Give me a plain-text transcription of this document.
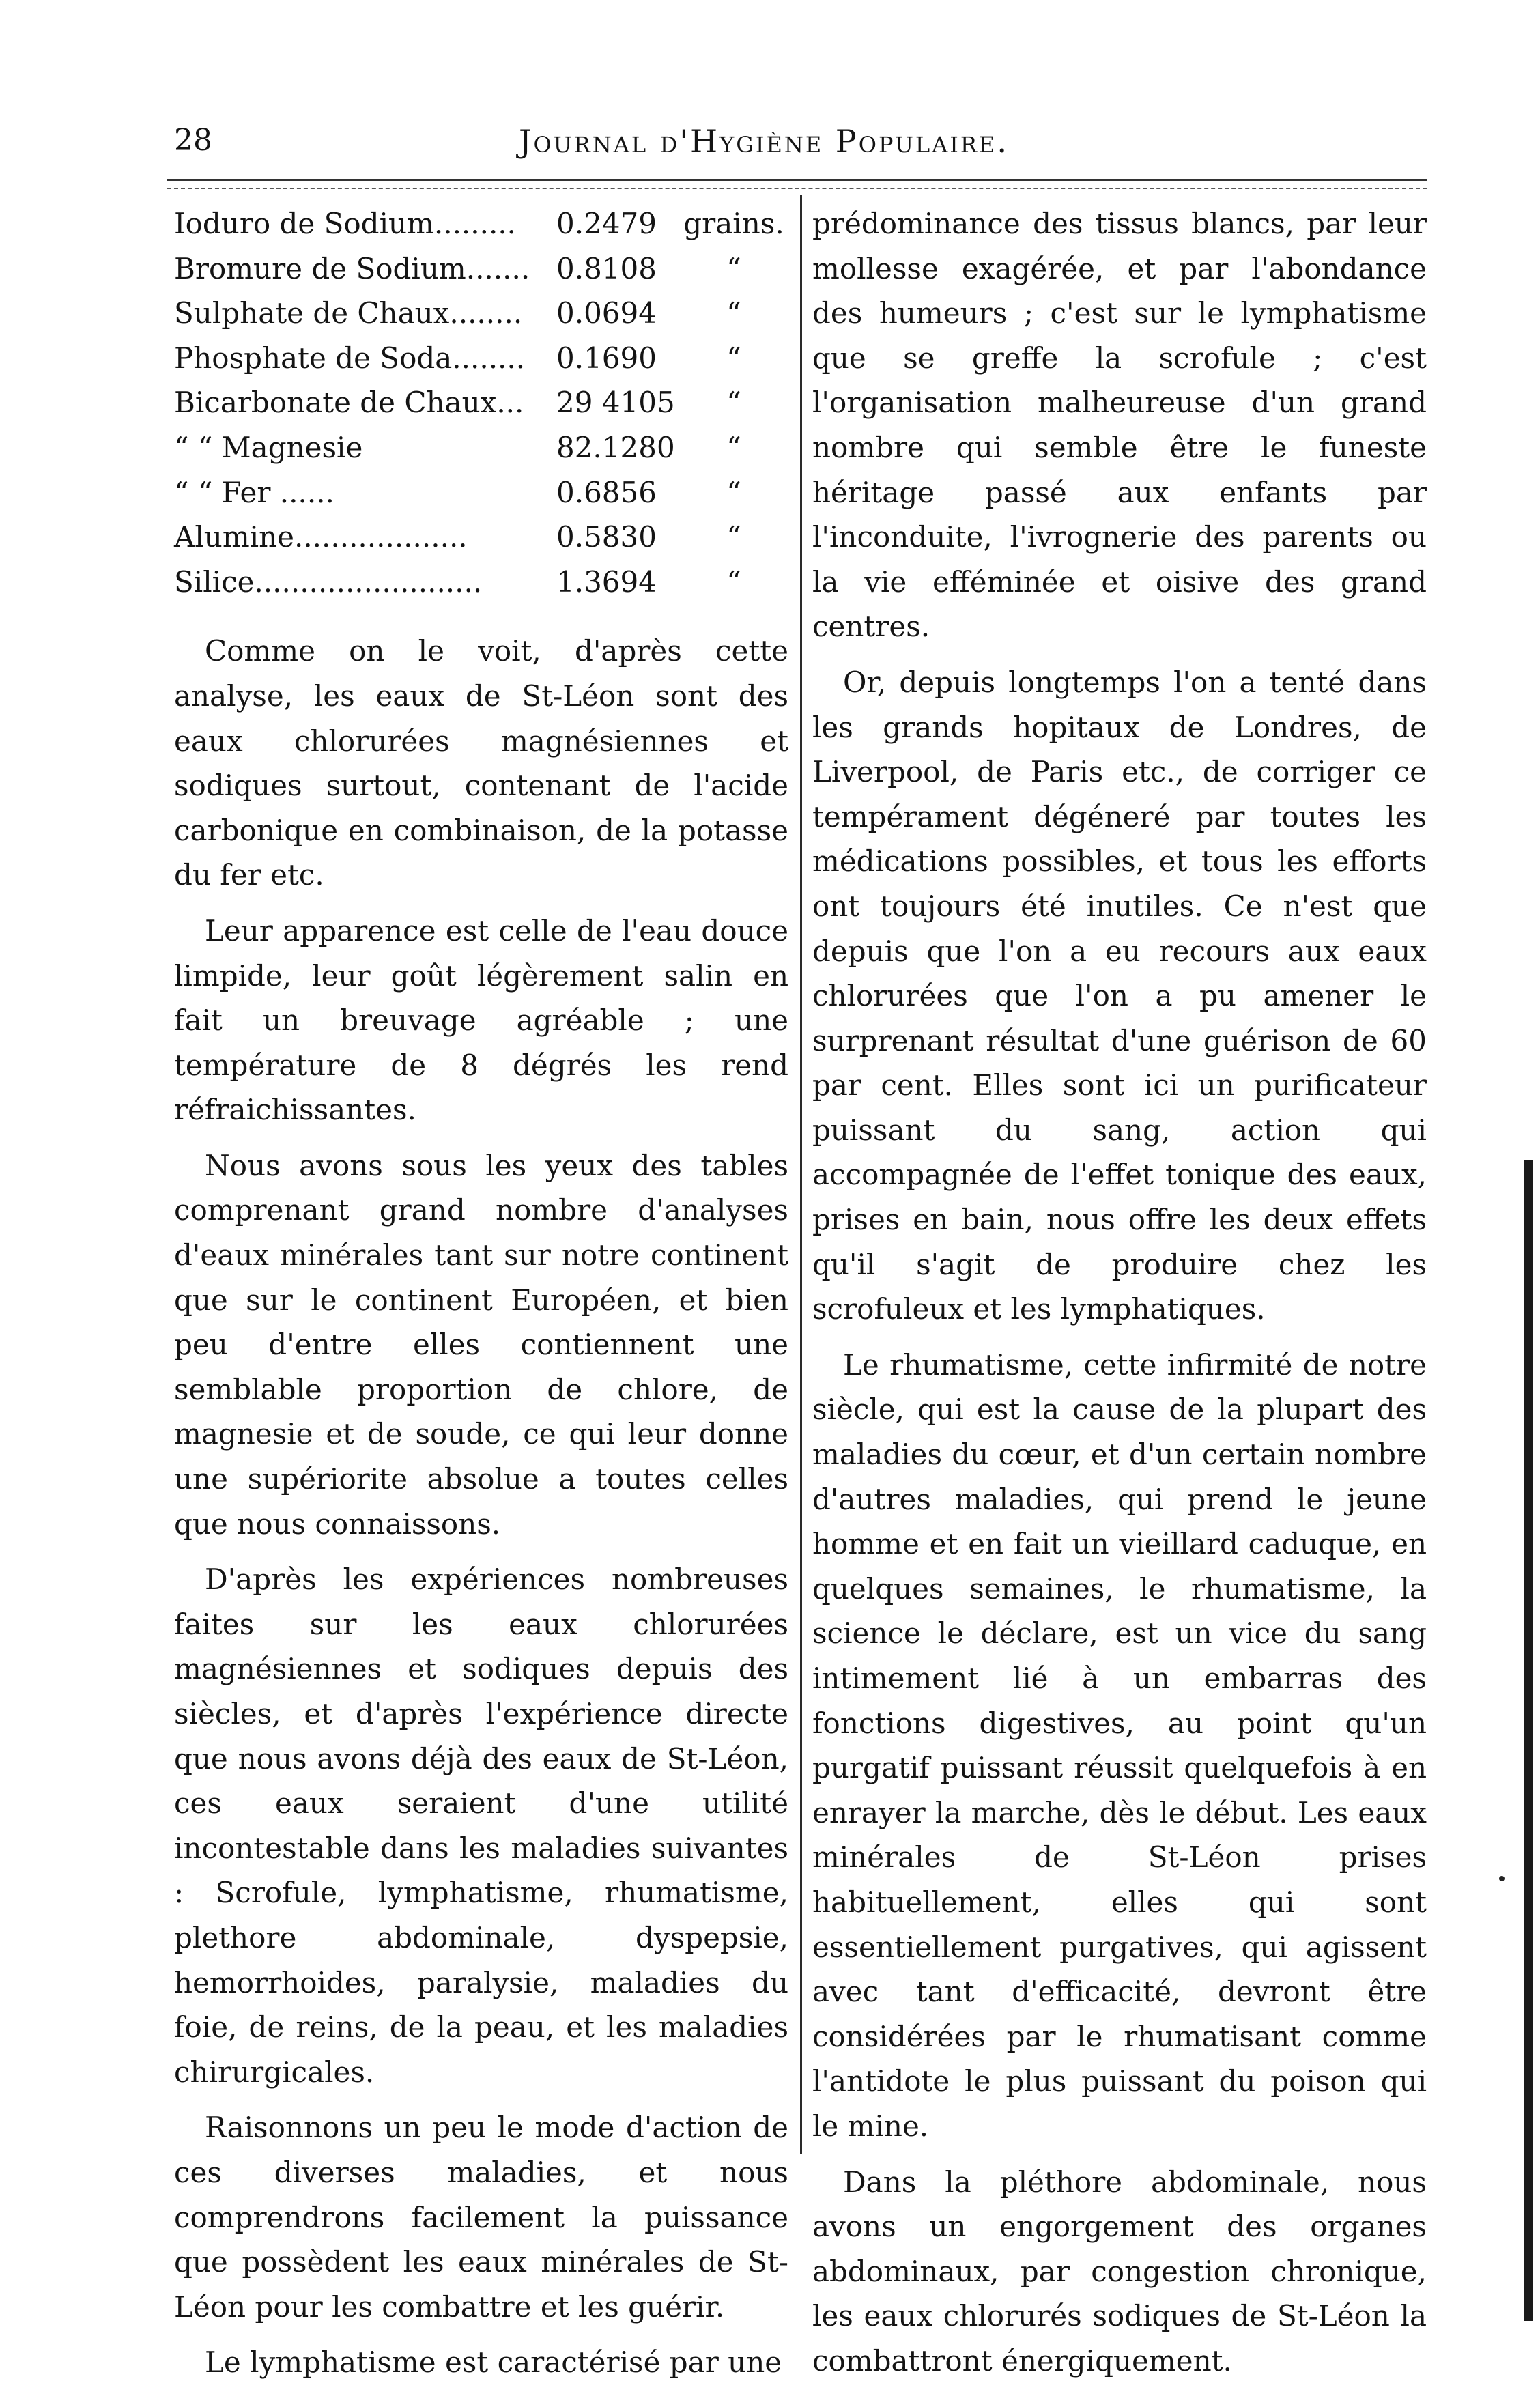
28	Journal d'Hygiène Populaire.
Ioduro de Sodium.........	0.2479	grains.
Bromure de Sodium.......	0.8108	“
Sulphate de Chaux........	0.0694	“
Phosphate de Soda........	0.1690	“
Bicarbonate de Chaux...	29 4105	“
“ “ Magnesie	82.1280	“
“ “ Fer ......	0.6856	“
Alumine...................	0.5830	“
Silice.........................	1.3694	“

Comme on le voit, d'après cette analyse, les eaux de St-Léon sont des eaux chlorurées magnésiennes et sodiques surtout, contenant de l'acide carbonique en combinaison, de la potasse du fer etc.

Leur apparence est celle de l'eau douce limpide, leur goût légèrement salin en fait un breuvage agréable ; une température de 8 dégrés les rend réfraichissantes.

Nous avons sous les yeux des tables comprenant grand nombre d'analyses d'eaux minérales tant sur notre continent que sur le continent Européen, et bien peu d'entre elles contiennent une semblable proportion de chlore, de magnesie et de soude, ce qui leur donne une supériorite absolue a toutes celles que nous connaissons.

D'après les expériences nombreuses faites sur les eaux chlorurées magnésiennes et sodiques depuis des siècles, et d'après l'expérience directe que nous avons déjà des eaux de St-Léon, ces eaux seraient d'une utilité incontestable dans les maladies suivantes : Scrofule, lymphatisme, rhumatisme, plethore abdominale, dyspepsie, hemorrhoides, paralysie, maladies du foie, de reins, de la peau, et les maladies chirurgicales.

Raisonnons un peu le mode d'action de ces diverses maladies, et nous comprendrons facilement la puissance que possèdent les eaux minérales de St-Léon pour les combattre et les guérir.

Le lymphatisme est caractérisé par une

prédominance des tissus blancs, par leur mollesse exagérée, et par l'abondance des humeurs ; c'est sur le lymphatisme que se greffe la scrofule ; c'est l'organisation malheureuse d'un grand nombre qui semble être le funeste héritage passé aux enfants par l'inconduite, l'ivrognerie des parents ou la vie efféminée et oisive des grand centres.

Or, depuis longtemps l'on a tenté dans les grands hopitaux de Londres, de Liverpool, de Paris etc., de corriger ce tempérament dégéneré par toutes les médications possibles, et tous les efforts ont toujours été inutiles. Ce n'est que depuis que l'on a eu recours aux eaux chlorurées que l'on a pu amener le surprenant résultat d'une guérison de 60 par cent. Elles sont ici un purificateur puissant du sang, action qui accompagnée de l'effet tonique des eaux, prises en bain, nous offre les deux effets qu'il s'agit de produire chez les scrofuleux et les lymphatiques.

Le rhumatisme, cette infirmité de notre siècle, qui est la cause de la plupart des maladies du cœur, et d'un certain nombre d'autres maladies, qui prend le jeune homme et en fait un vieillard caduque, en quelques semaines, le rhumatisme, la science le déclare, est un vice du sang intimement lié à un embarras des fonctions digestives, au point qu'un purgatif puissant réussit quelquefois à en enrayer la marche, dès le début. Les eaux minérales de St-Léon prises habituellement, elles qui sont essentiellement purgatives, qui agissent avec tant d'efficacité, devront être considérées par le rhumatisant comme l'antidote le plus puissant du poison qui le mine.

Dans la pléthore abdominale, nous avons un engorgement des organes abdominaux, par congestion chronique, les eaux chlorurés sodiques de St-Léon la combattront énergiquement.
